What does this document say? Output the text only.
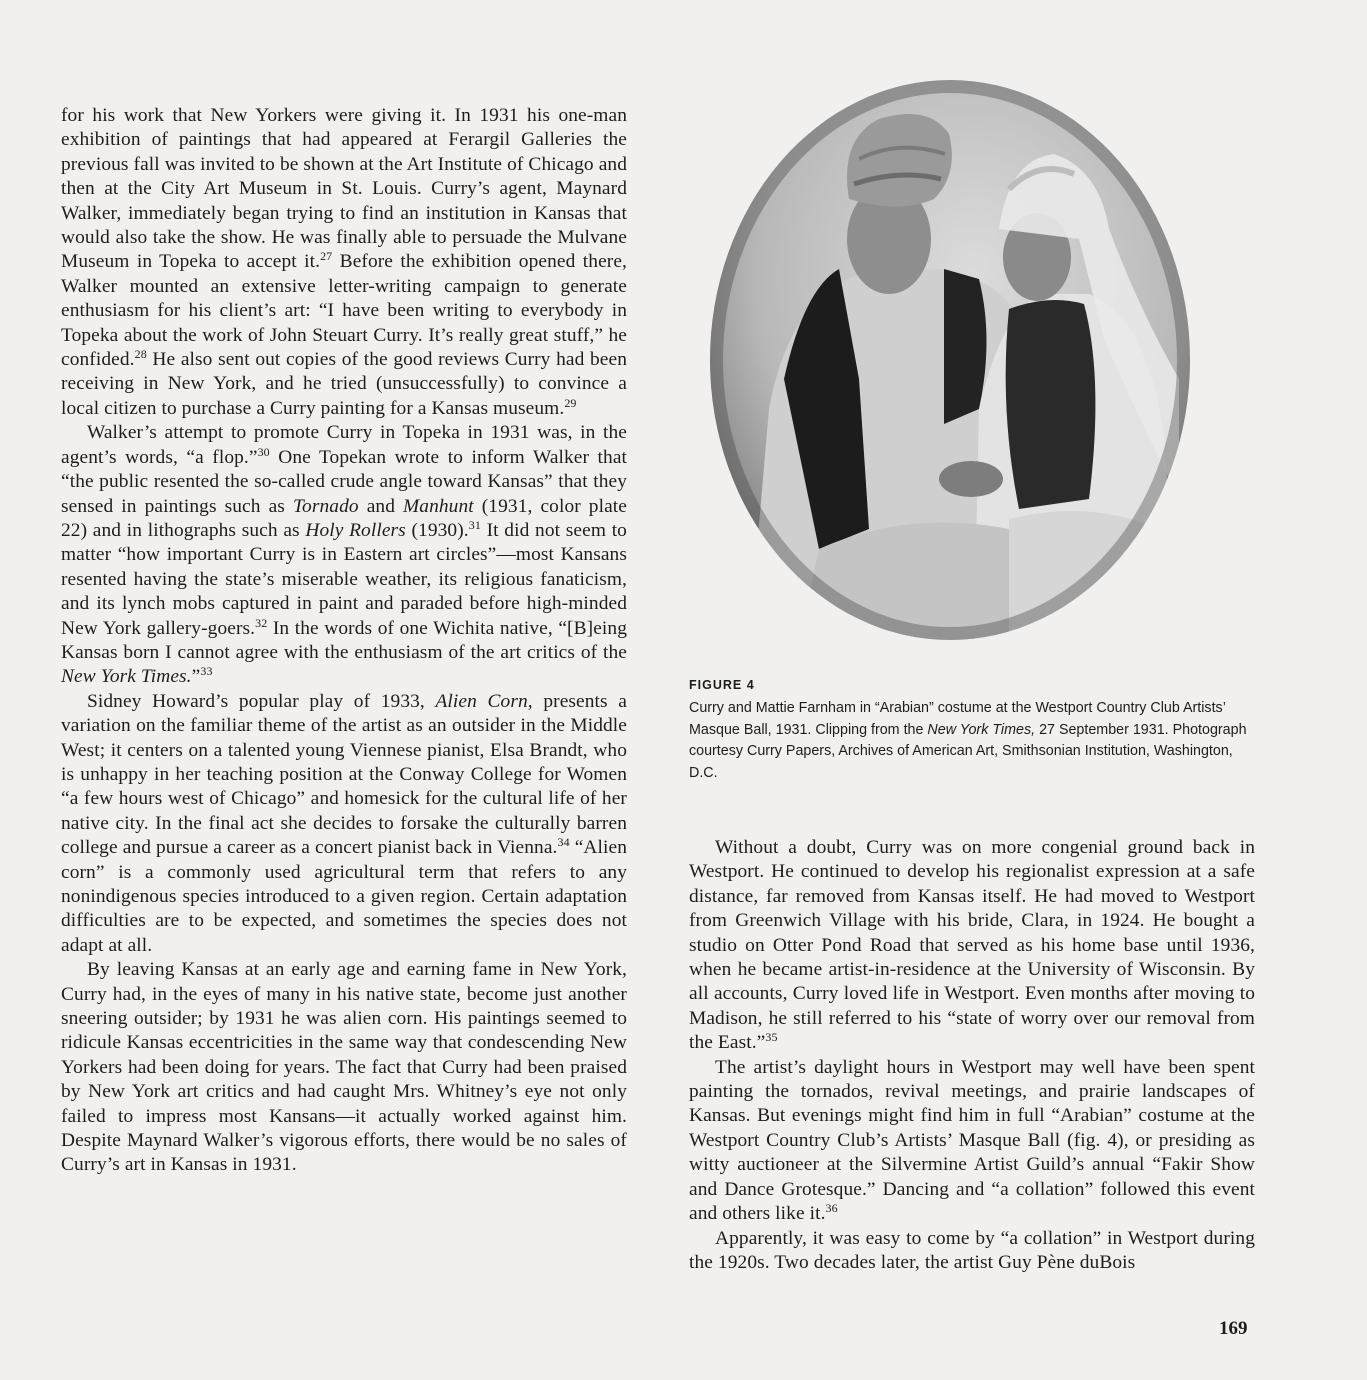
for his work that New Yorkers were giving it. In 1931 his one-man exhibition of paintings that had appeared at Ferargil Galleries the previous fall was invited to be shown at the Art Institute of Chicago and then at the City Art Museum in St. Louis. Curry’s agent, Maynard Walker, immediately began trying to find an institution in Kansas that would also take the show. He was finally able to persuade the Mulvane Museum in Topeka to accept it.$^{27}$ Before the exhibition opened there, Walker mounted an extensive letter-writing campaign to generate enthusiasm for his client’s art: “I have been writing to everybody in Topeka about the work of John Steuart Curry. It’s really great stuff,” he confided.$^{28}$ He also sent out copies of the good reviews Curry had been receiving in New York, and he tried (unsuccessfully) to convince a local citizen to purchase a Curry painting for a Kansas museum.$^{29}$

Walker’s attempt to promote Curry in Topeka in 1931 was, in the agent’s words, “a flop.”$^{30}$ One Topekan wrote to inform Walker that “the public resented the so-called crude angle toward Kansas” that they sensed in paintings such as Tornado and Manhunt (1931, color plate 22) and in lithographs such as Holy Rollers (1930).$^{31}$ It did not seem to matter “how important Curry is in Eastern art circles”—most Kansans resented having the state’s miserable weather, its religious fanaticism, and its lynch mobs captured in paint and paraded before high-minded New York gallery-goers.$^{32}$ In the words of one Wichita native, “[B]eing Kansas born I cannot agree with the enthusiasm of the art critics of the New York Times.”$^{33}$

Sidney Howard’s popular play of 1933, Alien Corn, presents a variation on the familiar theme of the artist as an outsider in the Middle West; it centers on a talented young Viennese pianist, Elsa Brandt, who is unhappy in her teaching position at the Conway College for Women “a few hours west of Chicago” and homesick for the cultural life of her native city. In the final act she decides to forsake the culturally barren college and pursue a career as a concert pianist back in Vienna.$^{34}$ “Alien corn” is a commonly used agricultural term that refers to any nonindigenous species introduced to a given region. Certain adaptation difficulties are to be expected, and sometimes the species does not adapt at all.

By leaving Kansas at an early age and earning fame in New York, Curry had, in the eyes of many in his native state, become just another sneering outsider; by 1931 he was alien corn. His paintings seemed to ridicule Kansas eccentricities in the same way that condescending New Yorkers had been doing for years. The fact that Curry had been praised by New York art critics and had caught Mrs. Whitney’s eye not only failed to impress most Kansans—it actually worked against him. Despite Maynard Walker’s vigorous efforts, there would be no sales of Curry’s art in Kansas in 1931.

FIGURE 4
Curry and Mattie Farnham in “Arabian” costume at the Westport Country Club Artists’ Masque Ball, 1931. Clipping from the New York Times, 27 September 1931. Photograph courtesy Curry Papers, Archives of American Art, Smithsonian Institution, Washington, D.C.

Without a doubt, Curry was on more congenial ground back in Westport. He continued to develop his regionalist expression at a safe distance, far removed from Kansas itself. He had moved to Westport from Greenwich Village with his bride, Clara, in 1924. He bought a studio on Otter Pond Road that served as his home base until 1936, when he became artist-in-residence at the University of Wisconsin. By all accounts, Curry loved life in Westport. Even months after moving to Madison, he still referred to his “state of worry over our removal from the East.”$^{35}$

The artist’s daylight hours in Westport may well have been spent painting the tornados, revival meetings, and prairie landscapes of Kansas. But evenings might find him in full “Arabian” costume at the Westport Country Club’s Artists’ Masque Ball (fig. 4), or presiding as witty auctioneer at the Silvermine Artist Guild’s annual “Fakir Show and Dance Grotesque.” Dancing and “a collation” followed this event and others like it.$^{36}$

Apparently, it was easy to come by “a collation” in Westport during the 1920s. Two decades later, the artist Guy Pène duBois

169
